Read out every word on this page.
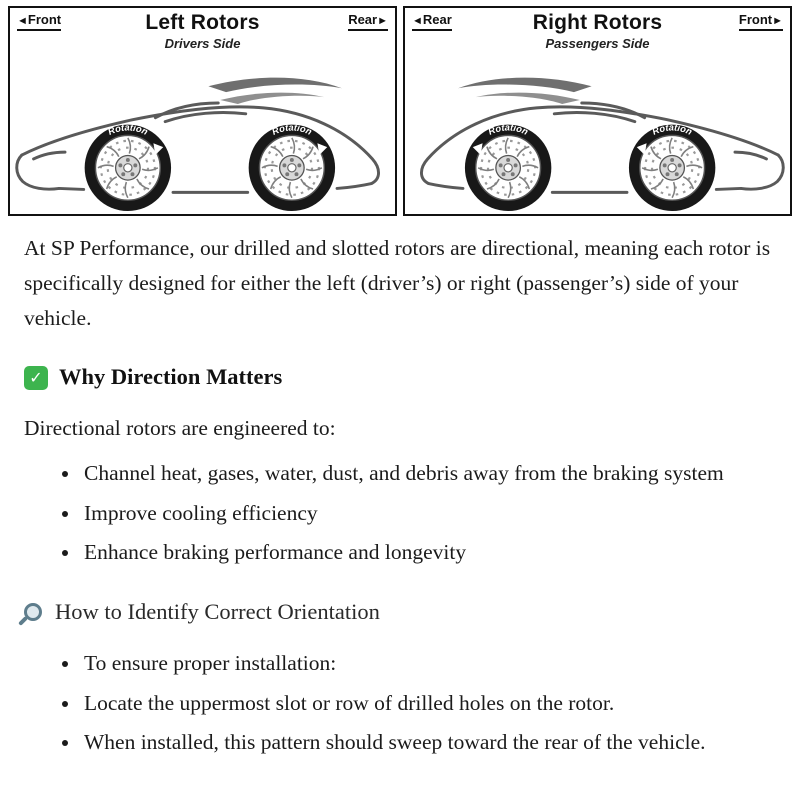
◄Front	Left Rotors
Drivers Side
Rear►
Rotation	Rotation
◄Rear	Right Rotors
Passengers Side
Front►
Rotation	Rotation

At SP Performance, our drilled and slotted rotors are directional, meaning each rotor is specifically designed for either the left (driver’s) or right (passenger’s) side of your vehicle.

✓ Why Direction Matters

Directional rotors are engineered to:

• Channel heat, gases, water, dust, and debris away from the braking system
• Improve cooling efficiency
• Enhance braking performance and longevity
How to Identify Correct Orientation
• To ensure proper installation:
• Locate the uppermost slot or row of drilled holes on the rotor.
• When installed, this pattern should sweep toward the rear of the vehicle.
